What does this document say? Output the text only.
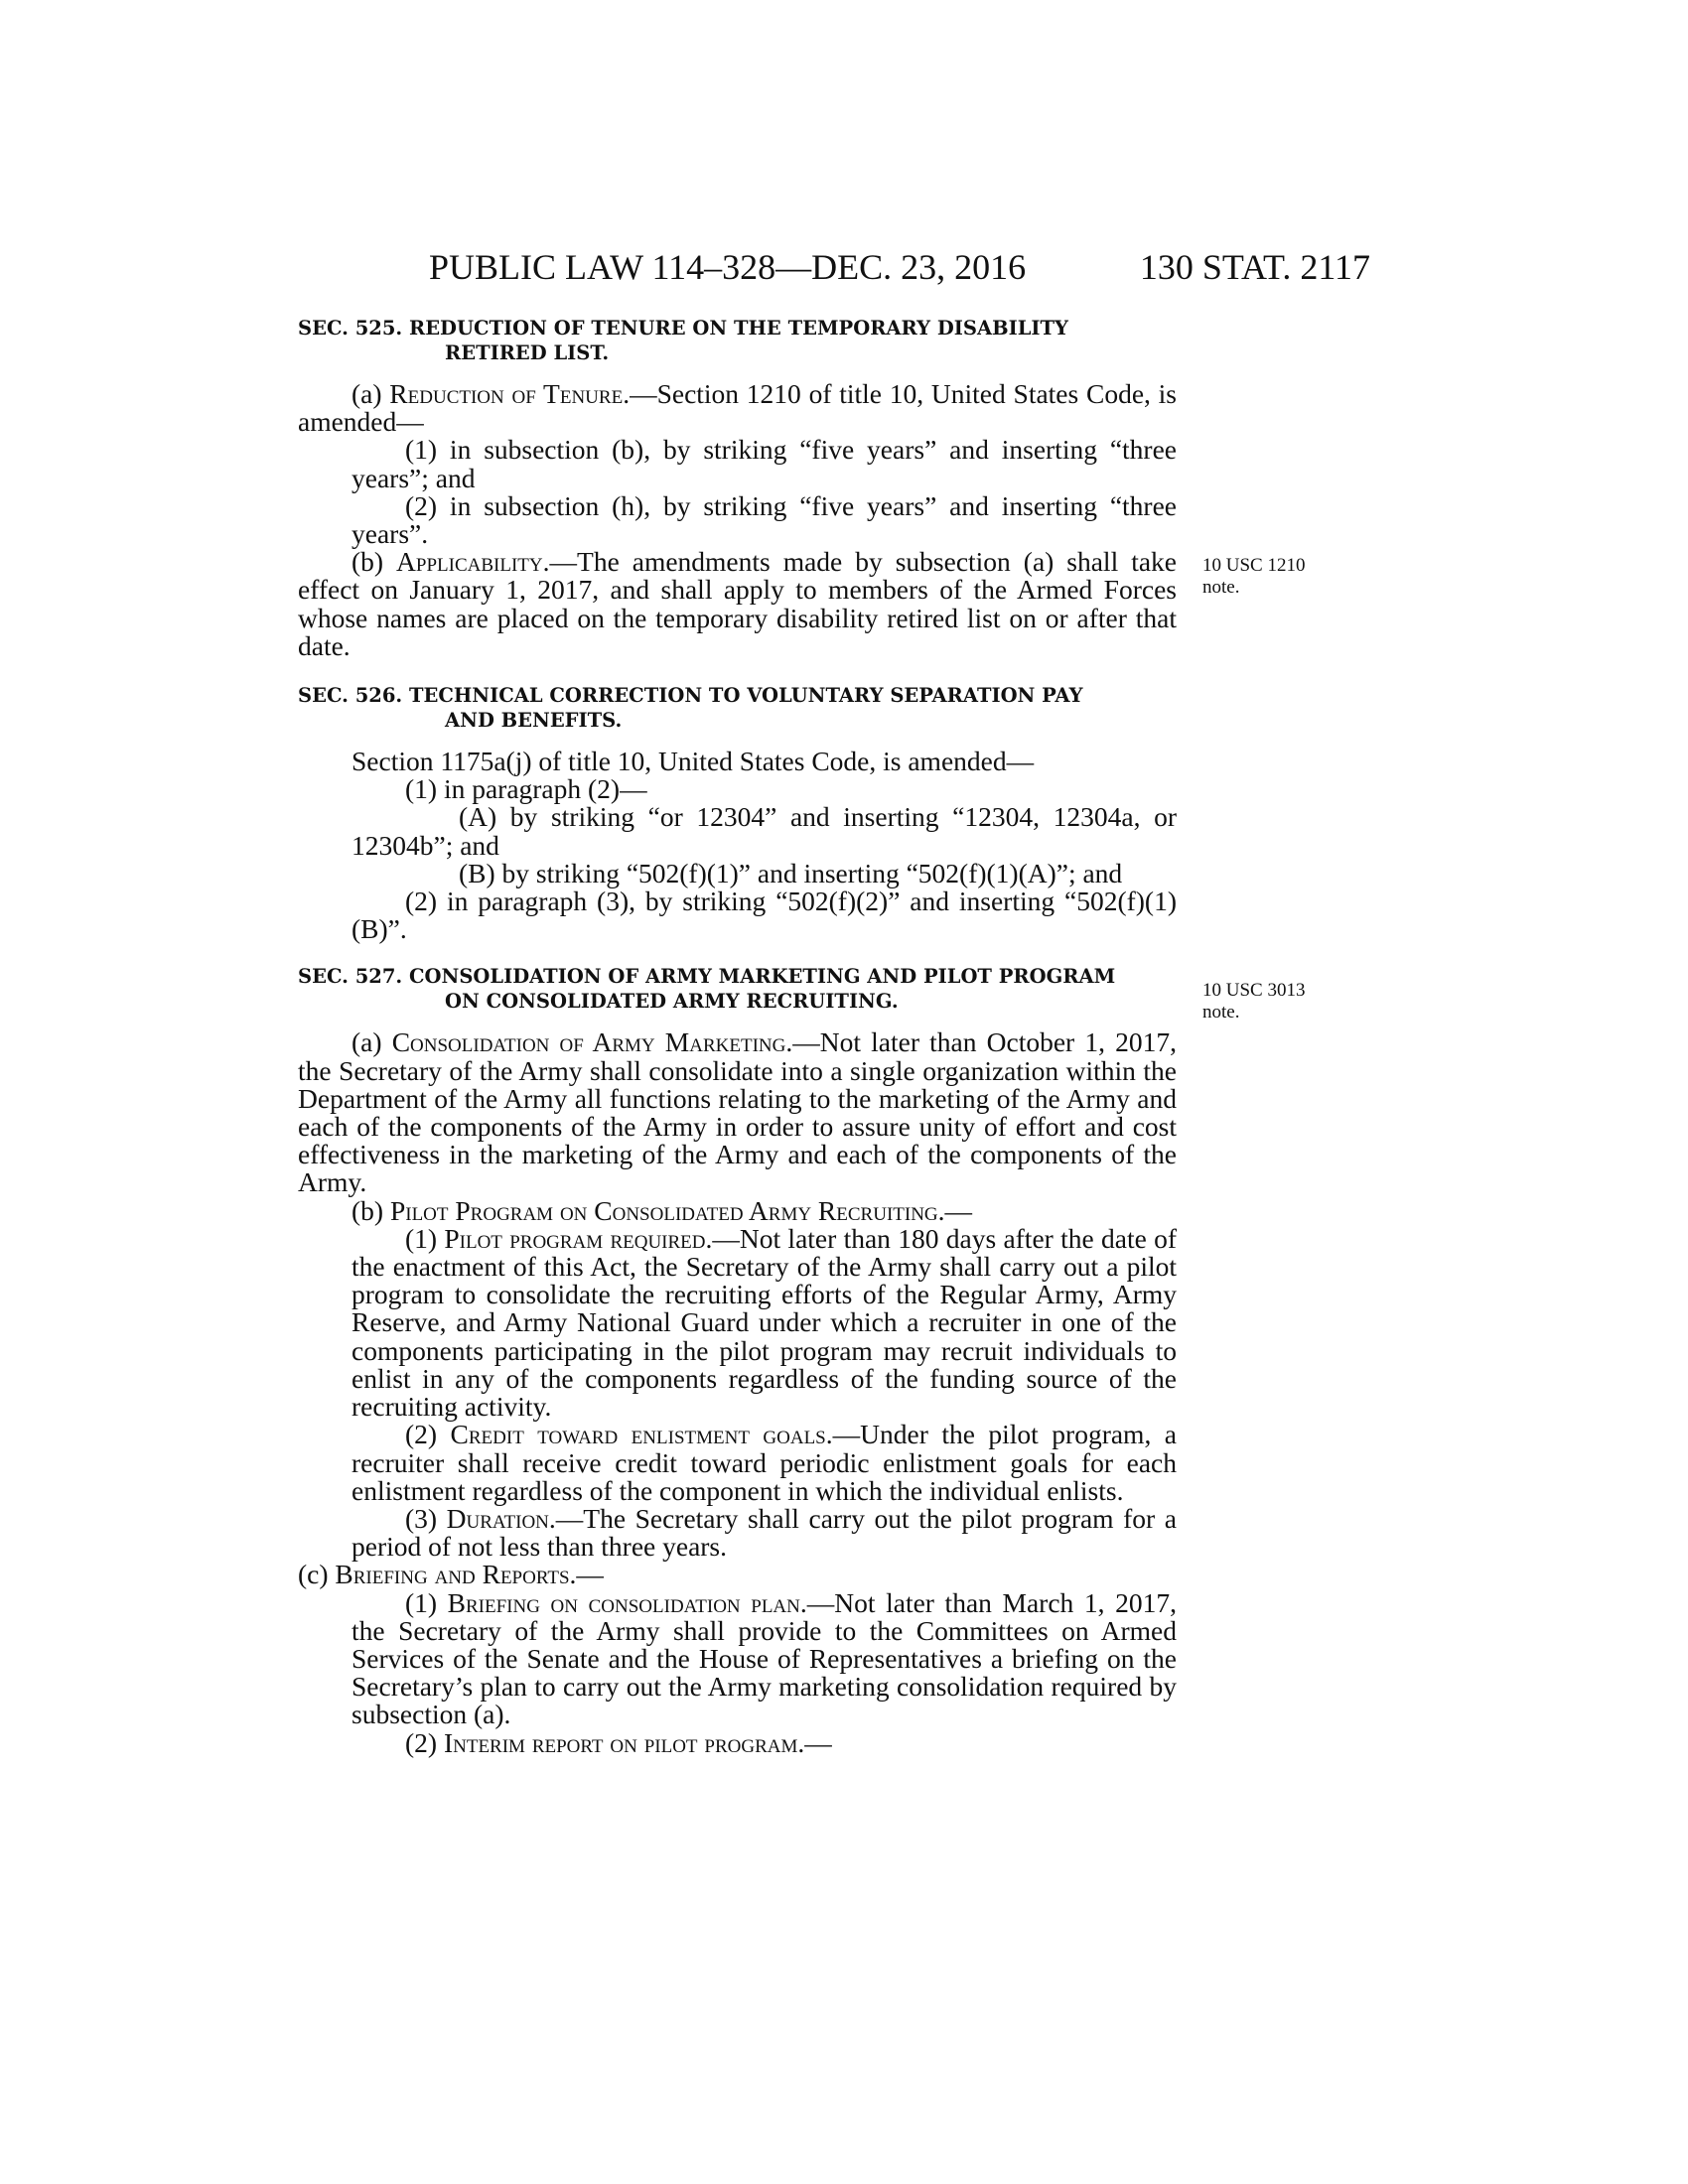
PUBLIC LAW 114–328—DEC. 23, 2016	130 STAT. 2117
10 USC 1210
note.
10 USC 3013
note.
SEC. 525. REDUCTION OF TENURE ON THE TEMPORARY DISABILITY
RETIRED LIST.

(a) Reduction of Tenure.—Section 1210 of title 10, United States Code, is amended—

(1) in subsection (b), by striking “five years” and inserting “three years”; and

(2) in subsection (h), by striking “five years” and inserting “three years”.

(b) Applicability.—The amendments made by subsection (a) shall take effect on January 1, 2017, and shall apply to members of the Armed Forces whose names are placed on the temporary disability retired list on or after that date.

SEC. 526. TECHNICAL CORRECTION TO VOLUNTARY SEPARATION PAY
AND BENEFITS.

Section 1175a(j) of title 10, United States Code, is amended—

(1) in paragraph (2)—

(A) by striking “or 12304” and inserting “12304, 12304a, or 12304b”; and

(B) by striking “502(f)(1)” and inserting “502(f)(1)(A)”; and

(2) in paragraph (3), by striking “502(f)(2)” and inserting “502(f)(1)(B)”.

SEC. 527. CONSOLIDATION OF ARMY MARKETING AND PILOT PROGRAM
ON CONSOLIDATED ARMY RECRUITING.

(a) Consolidation of Army Marketing.—Not later than October 1, 2017, the Secretary of the Army shall consolidate into a single organization within the Department of the Army all functions relating to the marketing of the Army and each of the components of the Army in order to assure unity of effort and cost effectiveness in the marketing of the Army and each of the components of the Army.

(b) Pilot Program on Consolidated Army Recruiting.—

(1) Pilot program required.—Not later than 180 days after the date of the enactment of this Act, the Secretary of the Army shall carry out a pilot program to consolidate the recruiting efforts of the Regular Army, Army Reserve, and Army National Guard under which a recruiter in one of the components participating in the pilot program may recruit individuals to enlist in any of the components regardless of the funding source of the recruiting activity.

(2) Credit toward enlistment goals.—Under the pilot program, a recruiter shall receive credit toward periodic enlistment goals for each enlistment regardless of the component in which the individual enlists.

(3) Duration.—The Secretary shall carry out the pilot program for a period of not less than three years.

(c) Briefing and Reports.—

(1) Briefing on consolidation plan.—Not later than March 1, 2017, the Secretary of the Army shall provide to the Committees on Armed Services of the Senate and the House of Representatives a briefing on the Secretary’s plan to carry out the Army marketing consolidation required by subsection (a).

(2) Interim report on pilot program.—
